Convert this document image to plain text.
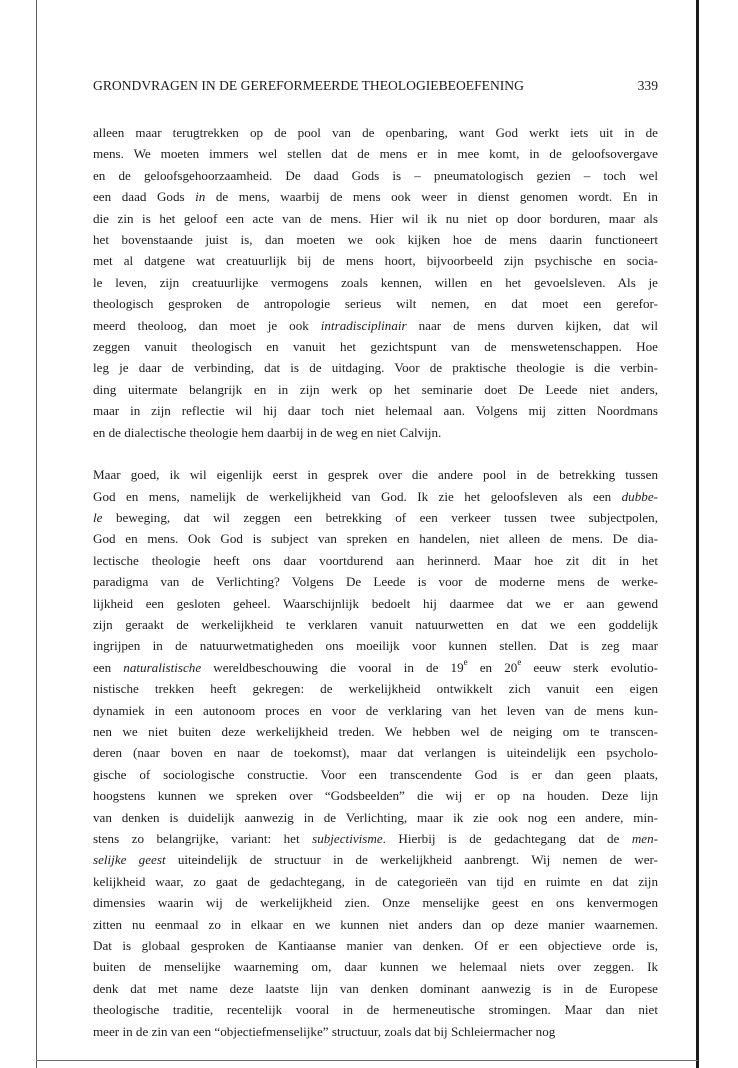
GRONDVRAGEN IN DE GEREFORMEERDE THEOLOGIEBEOEFENING	339

alleen maar terugtrekken op de pool van de openbaring, want God werkt iets uit in de
mens. We moeten immers wel stellen dat de mens er in mee komt, in de geloofsovergave
en de geloofsgehoorzaamheid. De daad Gods is – pneumatologisch gezien – toch wel
een daad Gods in de mens, waarbij de mens ook weer in dienst genomen wordt. En in
die zin is het geloof een acte van de mens. Hier wil ik nu niet op door borduren, maar als
het bovenstaande juist is, dan moeten we ook kijken hoe de mens daarin functioneert
met al datgene wat creatuurlijk bij de mens hoort, bijvoorbeeld zijn psychische en socia-
le leven, zijn creatuurlijke vermogens zoals kennen, willen en het gevoelsleven. Als je
theologisch gesproken de antropologie serieus wilt nemen, en dat moet een gerefor-
meerd theoloog, dan moet je ook intradisciplinair naar de mens durven kijken, dat wil
zeggen vanuit theologisch en vanuit het gezichtspunt van de menswetenschappen. Hoe
leg je daar de verbinding, dat is de uitdaging. Voor de praktische theologie is die verbin-
ding uitermate belangrijk en in zijn werk op het seminarie doet De Leede niet anders,
maar in zijn reflectie wil hij daar toch niet helemaal aan. Volgens mij zitten Noordmans
en de dialectische theologie hem daarbij in de weg en niet Calvijn.

Maar goed, ik wil eigenlijk eerst in gesprek over die andere pool in de betrekking tussen
God en mens, namelijk de werkelijkheid van God. Ik zie het geloofsleven als een dubbe-
le beweging, dat wil zeggen een betrekking of een verkeer tussen twee subjectpolen,
God en mens. Ook God is subject van spreken en handelen, niet alleen de mens. De dia-
lectische theologie heeft ons daar voortdurend aan herinnerd. Maar hoe zit dit in het
paradigma van de Verlichting? Volgens De Leede is voor de moderne mens de werke-
lijkheid een gesloten geheel. Waarschijnlijk bedoelt hij daarmee dat we er aan gewend
zijn geraakt de werkelijkheid te verklaren vanuit natuurwetten en dat we een goddelijk
ingrijpen in de natuurwetmatigheden ons moeilijk voor kunnen stellen. Dat is zeg maar
een naturalistische wereldbeschouwing die vooral in de 19e en 20e eeuw sterk evolutio-
nistische trekken heeft gekregen: de werkelijkheid ontwikkelt zich vanuit een eigen
dynamiek in een autonoom proces en voor de verklaring van het leven van de mens kun-
nen we niet buiten deze werkelijkheid treden. We hebben wel de neiging om te transcen-
deren (naar boven en naar de toekomst), maar dat verlangen is uiteindelijk een psycholo-
gische of sociologische constructie. Voor een transcendente God is er dan geen plaats,
hoogstens kunnen we spreken over “Godsbeelden” die wij er op na houden. Deze lijn
van denken is duidelijk aanwezig in de Verlichting, maar ik zie ook nog een andere, min-
stens zo belangrijke, variant: het subjectivisme. Hierbij is de gedachtegang dat de men-
selijke geest uiteindelijk de structuur in de werkelijkheid aanbrengt. Wij nemen de wer-
kelijkheid waar, zo gaat de gedachtegang, in de categorieën van tijd en ruimte en dat zijn
dimensies waarin wij de werkelijkheid zien. Onze menselijke geest en ons kenvermogen
zitten nu eenmaal zo in elkaar en we kunnen niet anders dan op deze manier waarnemen.
Dat is globaal gesproken de Kantiaanse manier van denken. Of er een objectieve orde is,
buiten de menselijke waarneming om, daar kunnen we helemaal niets over zeggen. Ik
denk dat met name deze laatste lijn van denken dominant aanwezig is in de Europese
theologische traditie, recentelijk vooral in de hermeneutische stromingen. Maar dan niet
meer in de zin van een “objectiefmenselijke” structuur, zoals dat bij Schleiermacher nog
